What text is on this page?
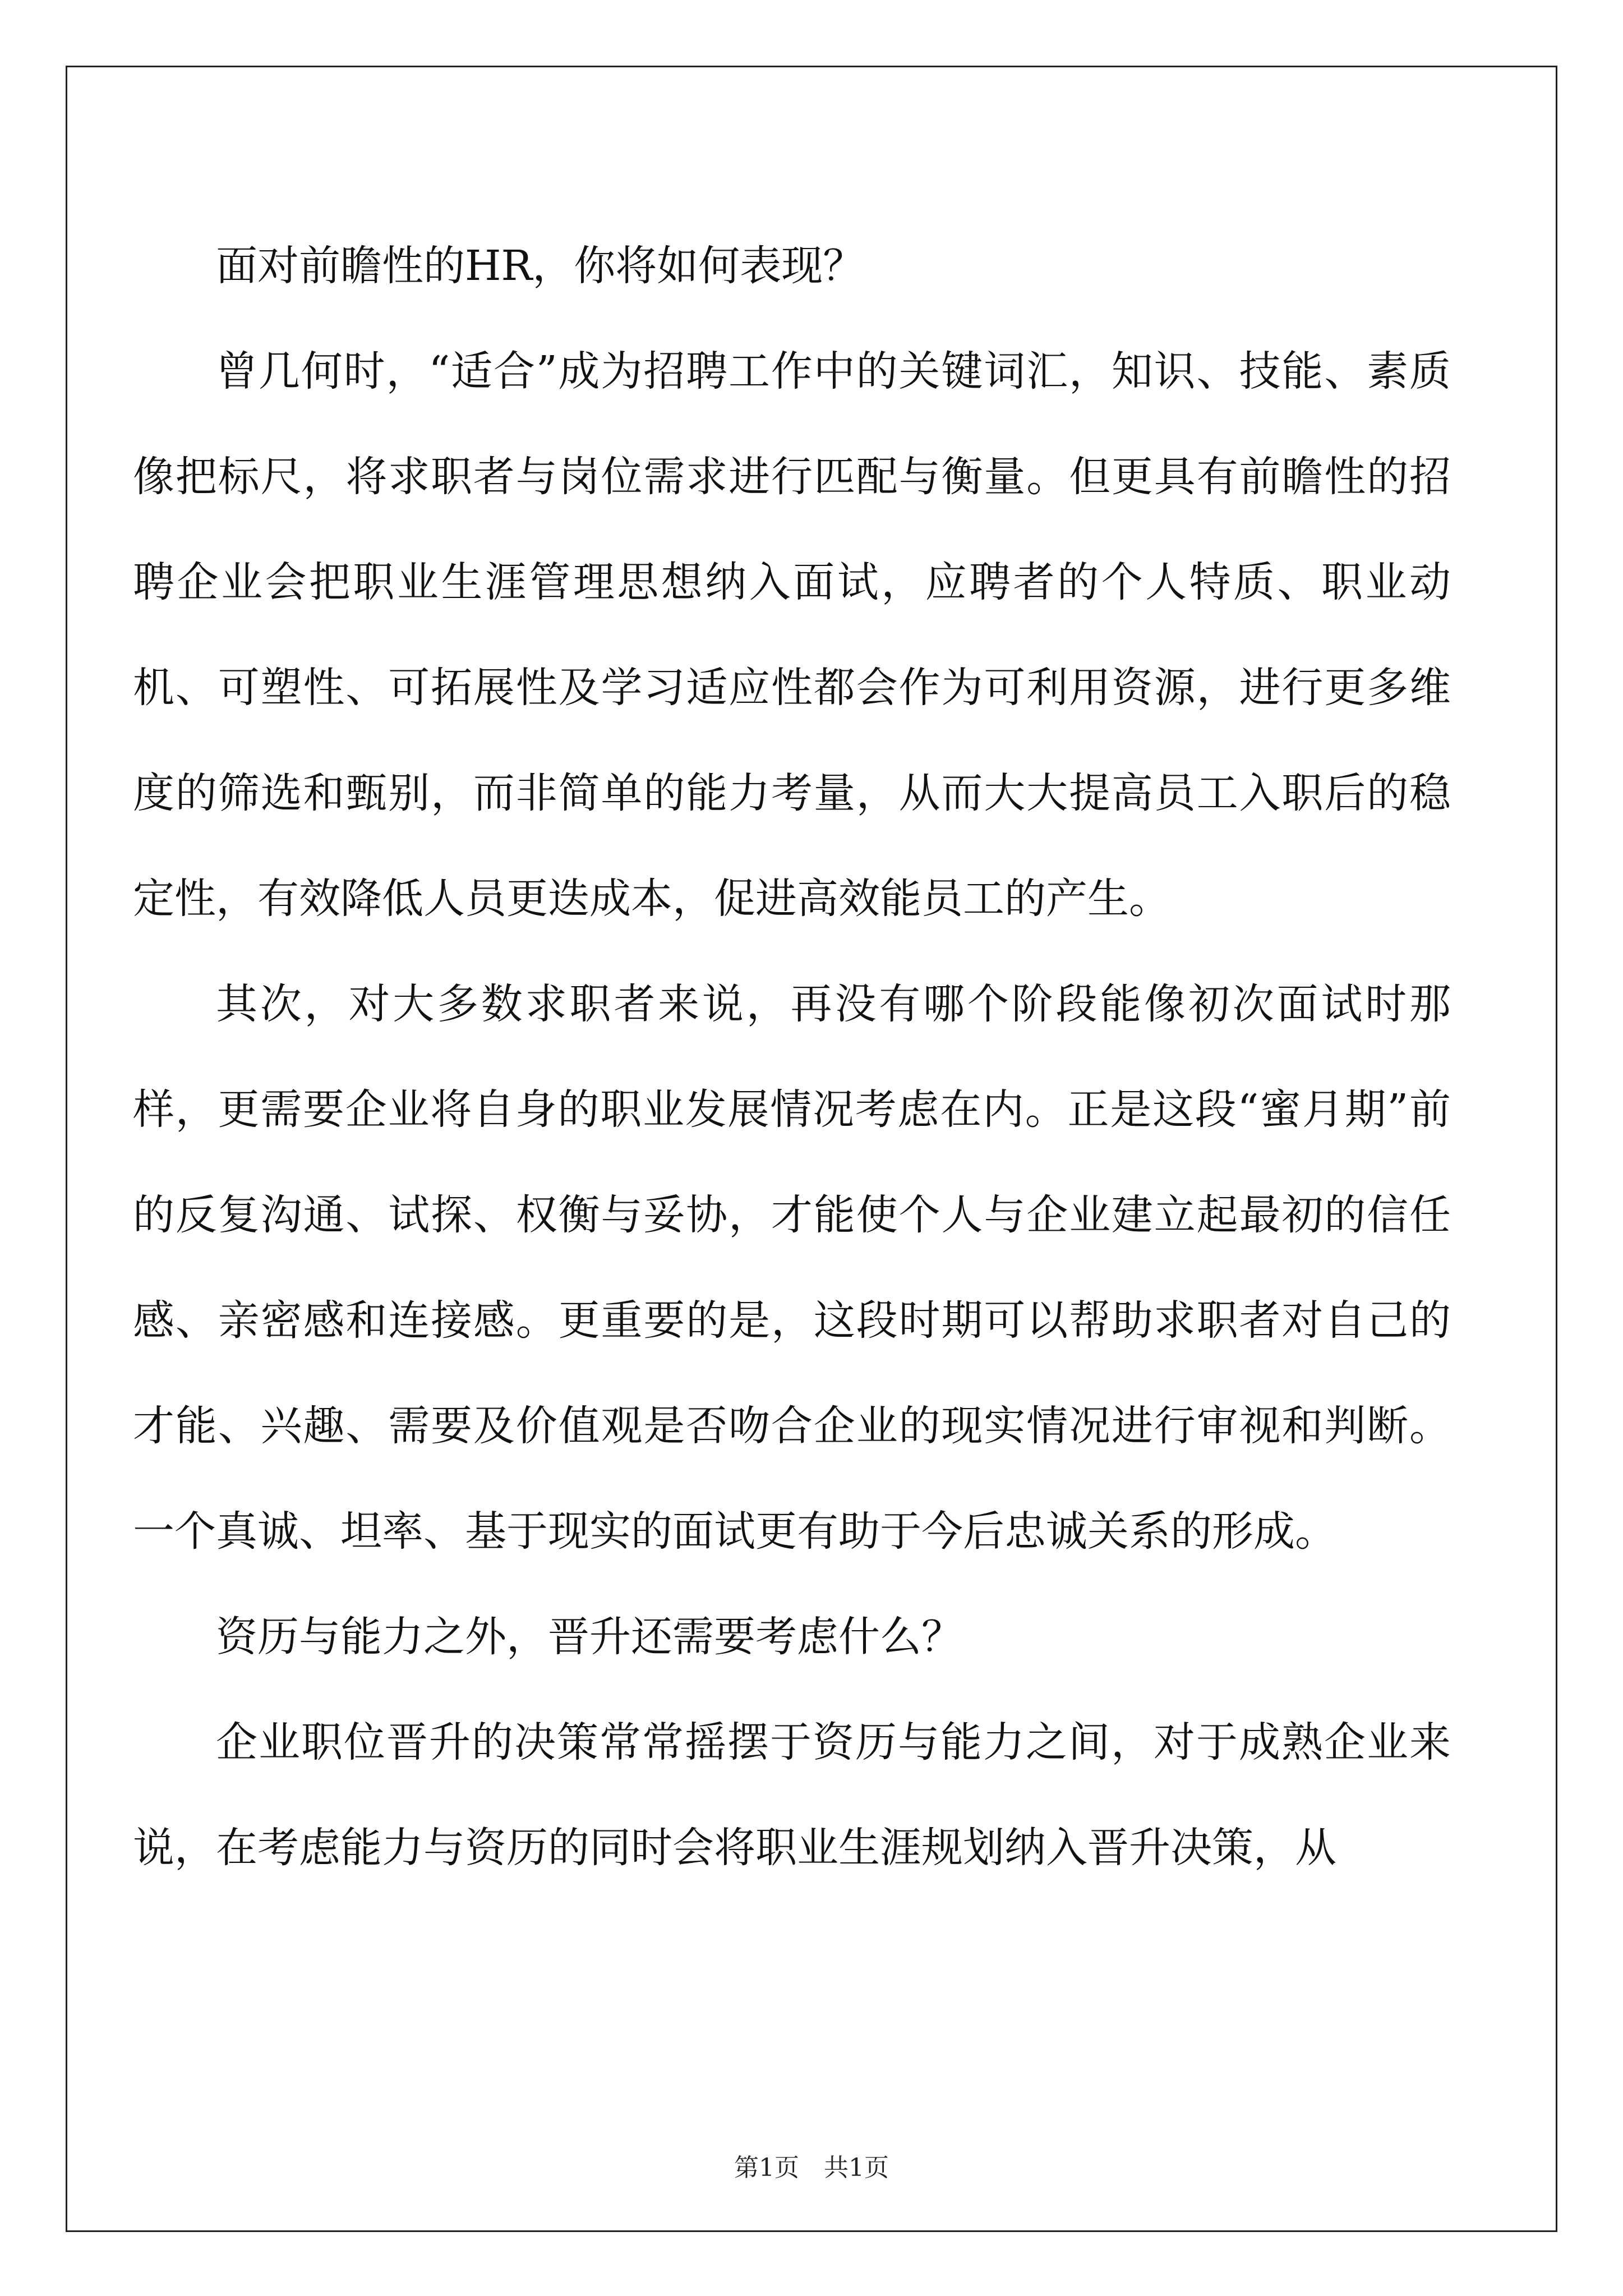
面对前瞻性的HR，你将如何表现？

曾几何时，“适合”成为招聘工作中的关键词汇，知识、技能、素质像把标尺，将求职者与岗位需求进行匹配与衡量。但更具有前瞻性的招聘企业会把职业生涯管理思想纳入面试，应聘者的个人特质、职业动机、可塑性、可拓展性及学习适应性都会作为可利用资源，进行更多维度的筛选和甄别，而非简单的能力考量，从而大大提高员工入职后的稳定性，有效降低人员更迭成本，促进高效能员工的产生。

其次，对大多数求职者来说，再没有哪个阶段能像初次面试时那样，更需要企业将自身的职业发展情况考虑在内。正是这段“蜜月期”前的反复沟通、试探、权衡与妥协，才能使个人与企业建立起最初的信任感、亲密感和连接感。更重要的是，这段时期可以帮助求职者对自己的才能、兴趣、需要及价值观是否吻合企业的现实情况进行审视和判断。一个真诚、坦率、基于现实的面试更有助于今后忠诚关系的形成。

资历与能力之外，晋升还需要考虑什么？

企业职位晋升的决策常常摇摆于资历与能力之间，对于成熟企业来说，在考虑能力与资历的同时会将职业生涯规划纳入晋升决策，从

第1页　共1页
